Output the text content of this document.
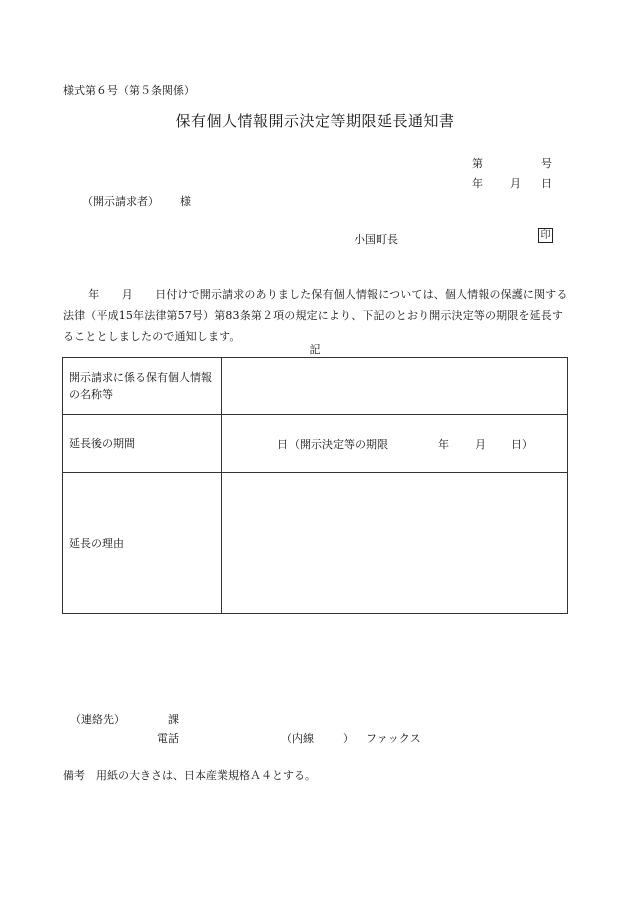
様式第６号（第５条関係）
保有個人情報開示決定等期限延長通知書
第	号
年 月 日
（開示請求者） 様
小国町長	印

年　　月　　日付けで開示請求のありました保有個人情報については、個人情報の保護に関する法律（平成15年法律第57号）第83条第２項の規定により、下記のとおり開示決定等の期限を延長することとしましたので通知します。

記
開示請求に係る保有個人情報の名称等	
延長後の期間	日 （開示決定等の期限 年 月 日）

延長の理由	
（連絡先）	課
電話	（内線	） ファックス
備考　用紙の大きさは、日本産業規格Ａ４とする。
